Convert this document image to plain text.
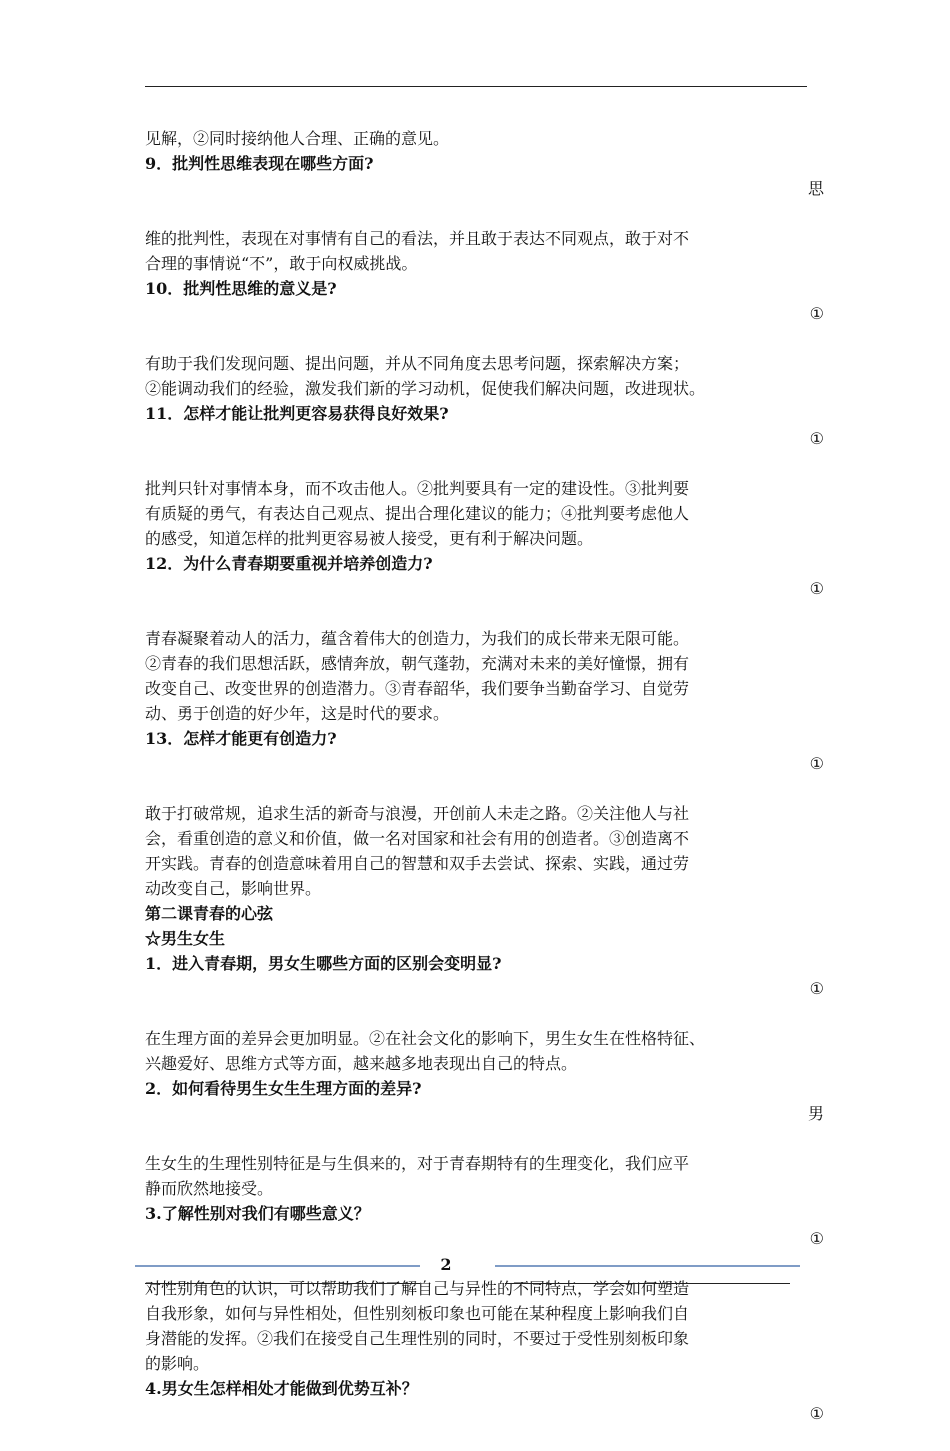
见解，②同时接纳他人合理、正确的意见。
9．批判性思维表现在哪些方面?
思
维的批判性，表现在对事情有自己的看法，并且敢于表达不同观点，敢于对不
合理的事情说“不”，敢于向权威挑战。
10．批判性思维的意义是?
①
有助于我们发现问题、提出问题，并从不同角度去思考问题，探索解决方案；
②能调动我们的经验，激发我们新的学习动机，促使我们解决问题，改进现状。
11．怎样才能让批判更容易获得良好效果?
①
批判只针对事情本身，而不攻击他人。②批判要具有一定的建设性。③批判要
有质疑的勇气，有表达自己观点、提出合理化建议的能力；④批判要考虑他人
的感受，知道怎样的批判更容易被人接受，更有利于解决问题。
12．为什么青春期要重视并培养创造力?
①
青春凝聚着动人的活力，蕴含着伟大的创造力，为我们的成长带来无限可能。
②青春的我们思想活跃，感情奔放，朝气蓬勃，充满对未来的美好憧憬，拥有
改变自己、改变世界的创造潜力。③青春韶华，我们要争当勤奋学习、自觉劳
动、勇于创造的好少年，这是时代的要求。
13．怎样才能更有创造力?
①
敢于打破常规，追求生活的新奇与浪漫，开创前人未走之路。②关注他人与社
会，看重创造的意义和价值，做一名对国家和社会有用的创造者。③创造离不
开实践。青春的创造意味着用自己的智慧和双手去尝试、探索、实践，通过劳
动改变自己，影响世界。
第二课青春的心弦
☆男生女生
1．进入青春期，男女生哪些方面的区别会变明显?
①
在生理方面的差异会更加明显。②在社会文化的影响下，男生女生在性格特征、
兴趣爱好、思维方式等方面，越来越多地表现出自己的特点。
2．如何看待男生女生生理方面的差异?
男
生女生的生理性别特征是与生俱来的，对于青春期特有的生理变化，我们应平
静而欣然地接受。
3.了解性别对我们有哪些意义？
①
对性别角色的认识，可以帮助我们了解自己与异性的不同特点，学会如何塑造
自我形象，如何与异性相处，但性别刻板印象也可能在某种程度上影响我们自
身潜能的发挥。②我们在接受自己生理性别的同时，不要过于受性别刻板印象
的影响。
4.男女生怎样相处才能做到优势互补？
①
2
